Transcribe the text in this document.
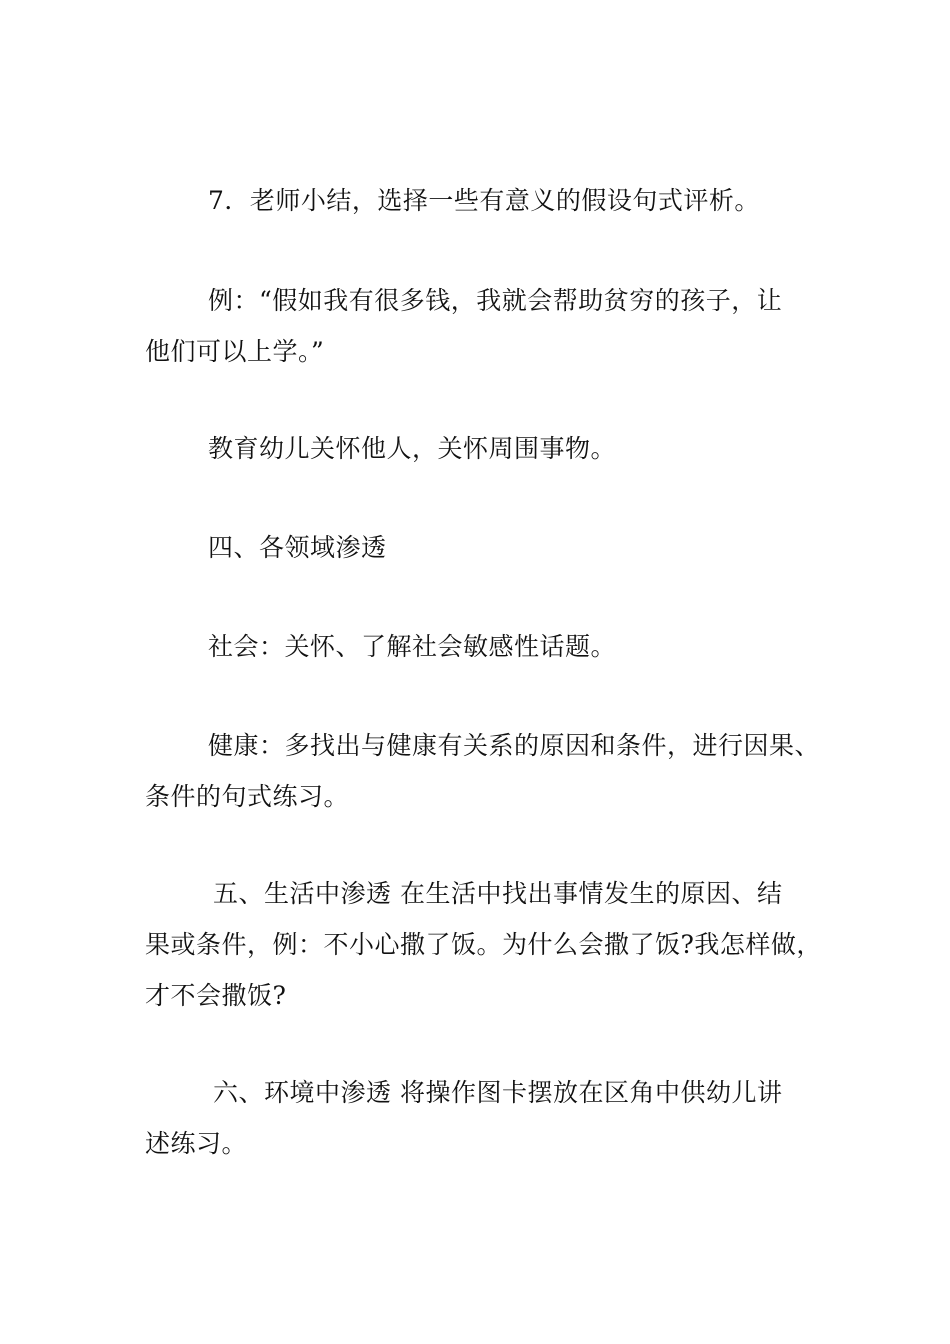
7．老师小结，选择一些有意义的假设句式评析。
例：“假如我有很多钱，我就会帮助贫穷的孩子，让
他们可以上学。”
教育幼儿关怀他人，关怀周围事物。
四、各领域渗透
社会：关怀、了解社会敏感性话题。
健康：多找出与健康有关系的原因和条件，进行因果、
条件的句式练习。
五、生活中渗透 在生活中找出事情发生的原因、结
果或条件，例：不小心撒了饭。为什么会撒了饭?我怎样做，
才不会撒饭?
六、环境中渗透 将操作图卡摆放在区角中供幼儿讲
述练习。
